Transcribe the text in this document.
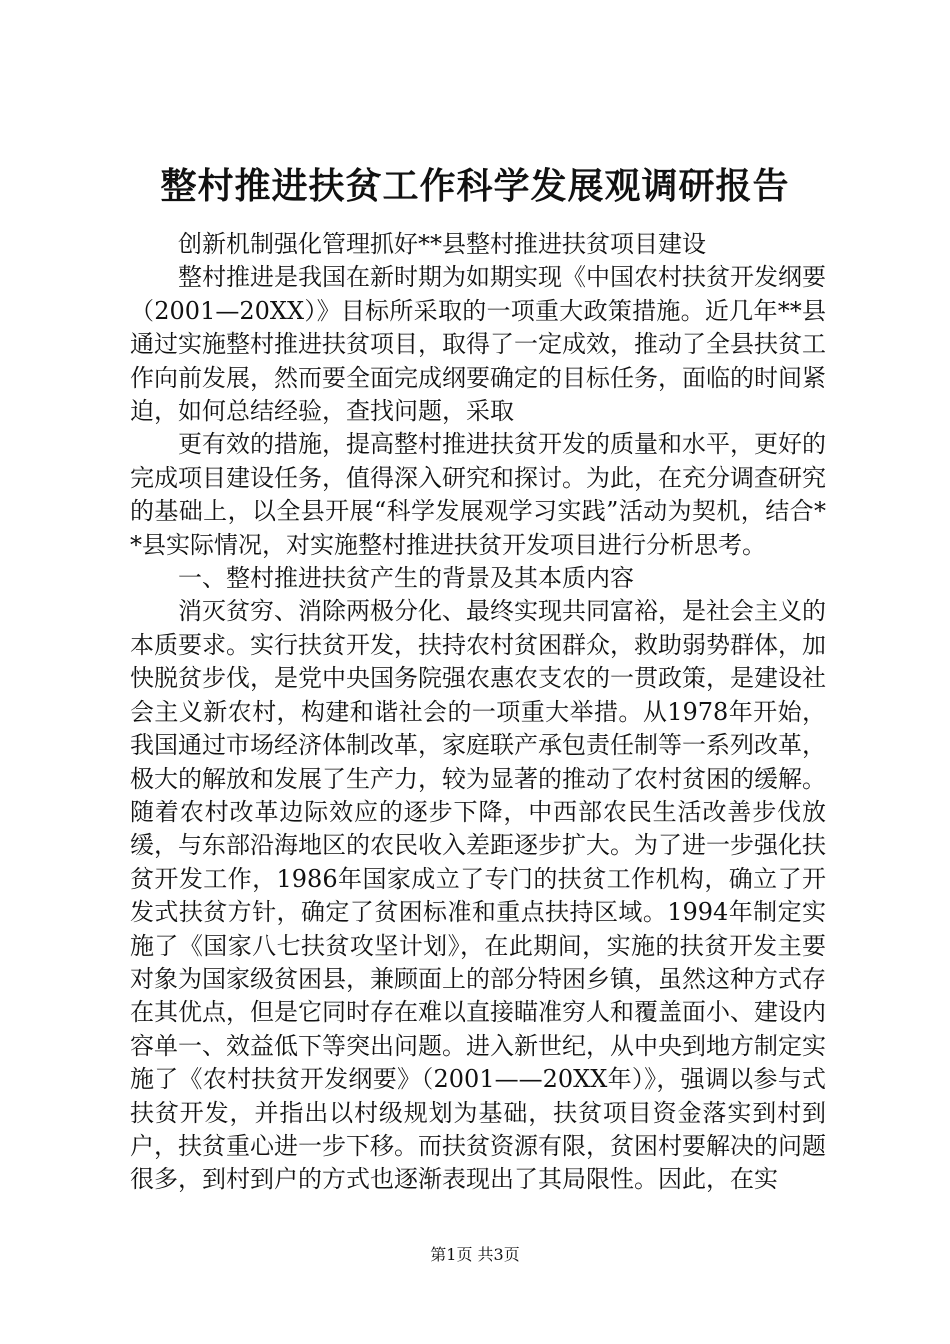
整村推进扶贫工作科学发展观调研报告

创新机制强化管理抓好**县整村推进扶贫项目建设

整村推进是我国在新时期为如期实现《中国农村扶贫开发纲要（2001—20XX）》目标所采取的一项重大政策措施。近几年**县通过实施整村推进扶贫项目，取得了一定成效，推动了全县扶贫工作向前发展，然而要全面完成纲要确定的目标任务，面临的时间紧迫，如何总结经验，查找问题，采取

更有效的措施，提高整村推进扶贫开发的质量和水平，更好的完成项目建设任务，值得深入研究和探讨。为此，在充分调查研究的基础上，以全县开展“科学发展观学习实践”活动为契机，结合**县实际情况，对实施整村推进扶贫开发项目进行分析思考。

一、整村推进扶贫产生的背景及其本质内容

消灭贫穷、消除两极分化、最终实现共同富裕，是社会主义的本质要求。实行扶贫开发，扶持农村贫困群众，救助弱势群体，加快脱贫步伐，是党中央国务院强农惠农支农的一贯政策，是建设社会主义新农村，构建和谐社会的一项重大举措。从1978年开始，我国通过市场经济体制改革，家庭联产承包责任制等一系列改革，极大的解放和发展了生产力，较为显著的推动了农村贫困的缓解。随着农村改革边际效应的逐步下降，中西部农民生活改善步伐放缓，与东部沿海地区的农民收入差距逐步扩大。为了进一步强化扶贫开发工作，1986年国家成立了专门的扶贫工作机构，确立了开发式扶贫方针，确定了贫困标准和重点扶持区域。1994年制定实施了《国家八七扶贫攻坚计划》，在此期间，实施的扶贫开发主要对象为国家级贫困县，兼顾面上的部分特困乡镇，虽然这种方式存在其优点，但是它同时存在难以直接瞄准穷人和覆盖面小、建设内容单一、效益低下等突出问题。进入新世纪，从中央到地方制定实施了《农村扶贫开发纲要》（2001——20XX年）》，强调以参与式扶贫开发，并指出以村级规划为基础，扶贫项目资金落实到村到户，扶贫重心进一步下移。而扶贫资源有限，贫困村要解决的问题很多，到村到户的方式也逐渐表现出了其局限性。因此，在实

第1页 共3页
